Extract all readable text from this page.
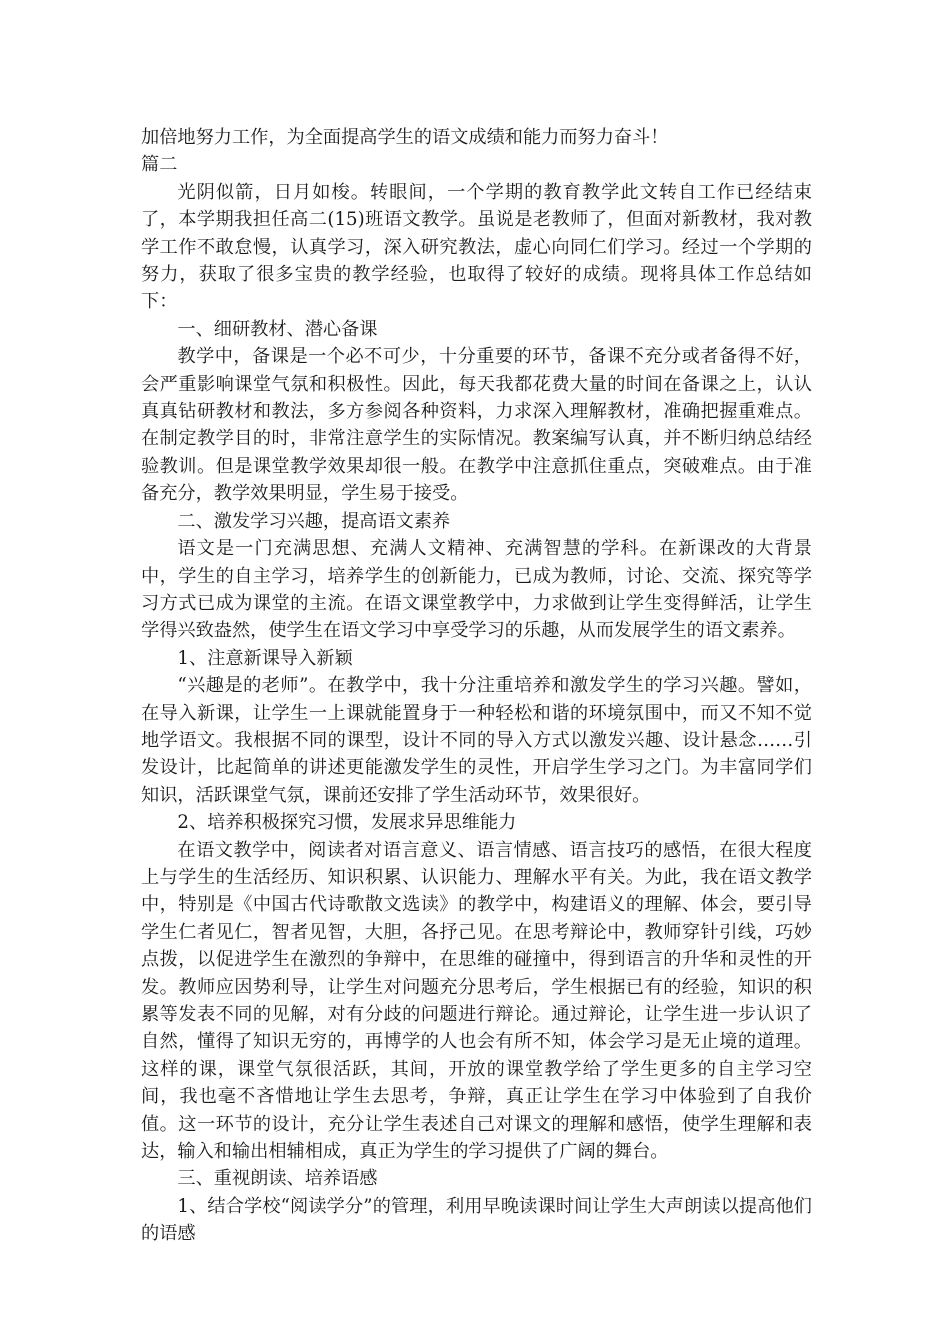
加倍地努力工作，为全面提高学生的语文成绩和能力而努力奋斗！

篇二

光阴似箭，日月如梭。转眼间，一个学期的教育教学此文转自工作已经结束了，本学期我担任高二(15)班语文教学。虽说是老教师了，但面对新教材，我对教学工作不敢怠慢，认真学习，深入研究教法，虚心向同仁们学习。经过一个学期的努力，获取了很多宝贵的教学经验，也取得了较好的成绩。现将具体工作总结如下：

一、细研教材、潜心备课

教学中，备课是一个必不可少，十分重要的环节，备课不充分或者备得不好，会严重影响课堂气氛和积极性。因此，每天我都花费大量的时间在备课之上，认认真真钻研教材和教法，多方参阅各种资料，力求深入理解教材，准确把握重难点。在制定教学目的时，非常注意学生的实际情况。教案编写认真，并不断归纳总结经验教训。但是课堂教学效果却很一般。在教学中注意抓住重点，突破难点。由于准备充分，教学效果明显，学生易于接受。

二、激发学习兴趣，提高语文素养

语文是一门充满思想、充满人文精神、充满智慧的学科。在新课改的大背景中，学生的自主学习，培养学生的创新能力，已成为教师，讨论、交流、探究等学习方式已成为课堂的主流。在语文课堂教学中，力求做到让学生变得鲜活，让学生学得兴致盎然，使学生在语文学习中享受学习的乐趣，从而发展学生的语文素养。

1、注意新课导入新颖

“兴趣是的老师”。在教学中，我十分注重培养和激发学生的学习兴趣。譬如，在导入新课，让学生一上课就能置身于一种轻松和谐的环境氛围中，而又不知不觉地学语文。我根据不同的课型，设计不同的导入方式以激发兴趣、设计悬念……引发设计，比起简单的讲述更能激发学生的灵性，开启学生学习之门。为丰富同学们知识，活跃课堂气氛，课前还安排了学生活动环节，效果很好。

2、培养积极探究习惯，发展求异思维能力

在语文教学中，阅读者对语言意义、语言情感、语言技巧的感悟，在很大程度上与学生的生活经历、知识积累、认识能力、理解水平有关。为此，我在语文教学中，特别是《中国古代诗歌散文选读》的教学中，构建语义的理解、体会，要引导学生仁者见仁，智者见智，大胆，各抒己见。在思考辩论中，教师穿针引线，巧妙点拨，以促进学生在激烈的争辩中，在思维的碰撞中，得到语言的升华和灵性的开发。教师应因势利导，让学生对问题充分思考后，学生根据已有的经验，知识的积累等发表不同的见解，对有分歧的问题进行辩论。通过辩论，让学生进一步认识了自然，懂得了知识无穷的，再博学的人也会有所不知，体会学习是无止境的道理。这样的课，课堂气氛很活跃，其间，开放的课堂教学给了学生更多的自主学习空间，我也毫不吝惜地让学生去思考，争辩，真正让学生在学习中体验到了自我价值。这一环节的设计，充分让学生表述自己对课文的理解和感悟，使学生理解和表达，输入和输出相辅相成，真正为学生的学习提供了广阔的舞台。

三、重视朗读、培养语感

1、结合学校“阅读学分”的管理，利用早晚读课时间让学生大声朗读以提高他们的语感
